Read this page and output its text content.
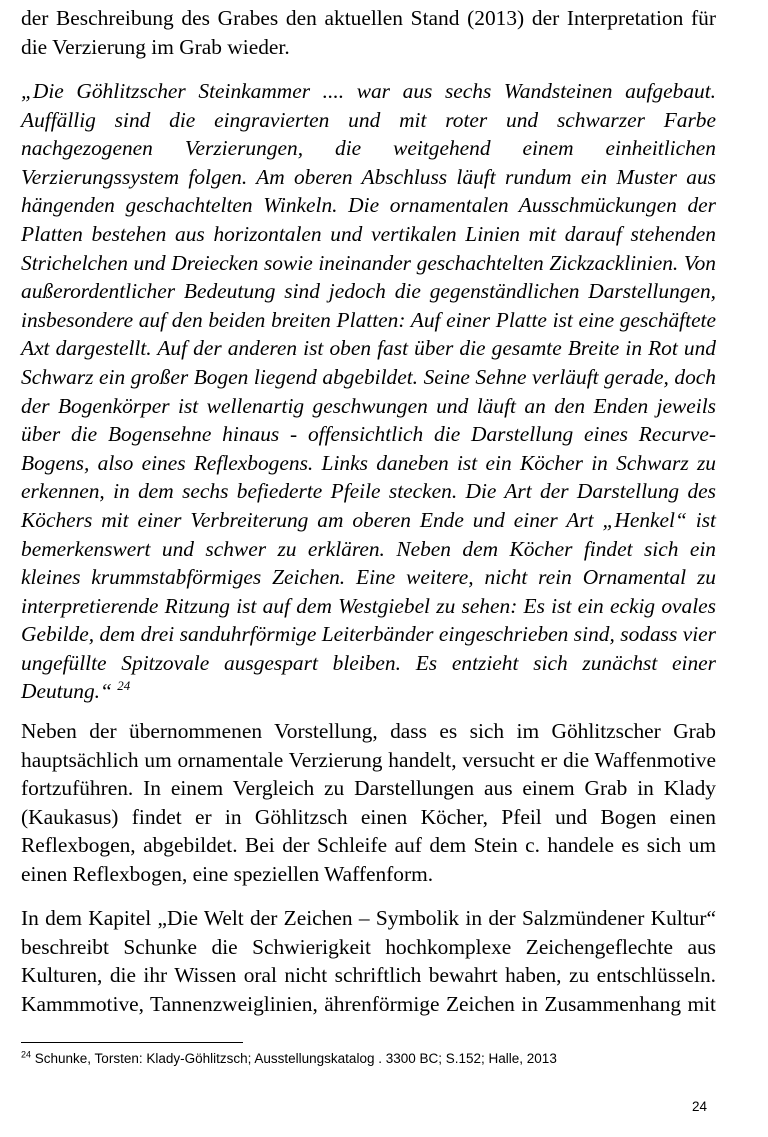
der Beschreibung des Grabes den aktuellen Stand (2013) der Interpretation für
die Verzierung im Grab wieder.

„Die Göhlitzscher Steinkammer .... war aus sechs Wandsteinen aufgebaut. Auffällig sind die eingravierten und mit roter und schwarzer Farbe nachgezogenen Verzierungen, die weitgehend einem einheitlichen Verzierungssystem folgen. Am oberen Abschluss läuft rundum ein Muster aus hängenden geschachtelten Winkeln. Die ornamentalen Ausschmückungen der Platten bestehen aus horizontalen und vertikalen Linien mit darauf stehenden Strichelchen und Dreiecken sowie ineinander geschachtelten Zickzacklinien. Von außerordentlicher Bedeutung sind jedoch die gegenständlichen Darstellungen, insbesondere auf den beiden breiten Platten: Auf einer Platte ist eine geschäftete Axt dargestellt. Auf der anderen ist oben fast über die gesamte Breite in Rot und Schwarz ein großer Bogen liegend abgebildet. Seine Sehne verläuft gerade, doch der Bogenkörper ist wellenartig geschwungen und läuft an den Enden jeweils über die Bogensehne hinaus - offensichtlich die Darstellung eines Recurve-Bogens, also eines Reflexbogens. Links daneben ist ein Köcher in Schwarz zu erkennen, in dem sechs befiederte Pfeile stecken. Die Art der Darstellung des Köchers mit einer Verbreiterung am oberen Ende und einer Art „Henkel“ ist bemerkenswert und schwer zu erklären. Neben dem Köcher findet sich ein kleines krummstabförmiges Zeichen. Eine weitere, nicht rein Ornamental zu interpretierende Ritzung ist auf dem Westgiebel zu sehen: Es ist ein eckig ovales Gebilde, dem drei sanduhrförmige Leiterbänder eingeschrieben sind, sodass vier ungefüllte Spitzovale ausgespart bleiben. Es entzieht sich zunächst einer Deutung.“ $^{24}$

Neben der übernommenen Vorstellung, dass es sich im Göhlitzscher Grab hauptsächlich um ornamentale Verzierung handelt, versucht er die Waffenmotive fortzuführen. In einem Vergleich zu Darstellungen aus einem Grab in Klady (Kaukasus) findet er in Göhlitzsch einen Köcher, Pfeil und Bogen einen Reflexbogen, abgebildet. Bei der Schleife auf dem Stein c. handele es sich um einen Reflexbogen, eine speziellen Waffenform.

In dem Kapitel „Die Welt der Zeichen – Symbolik in der Salzmündener Kultur“ beschreibt Schunke die Schwierigkeit hochkomplexe Zeichengeflechte aus Kulturen, die ihr Wissen oral nicht schriftlich bewahrt haben, zu entschlüsseln. Kammmotive, Tannenzweiglinien, ährenförmige Zeichen in Zusammenhang mit

$^{24}$ Schunke, Torsten: Klady-Göhlitzsch; Ausstellungskatalog . 3300 BC; S.152; Halle, 2013
24
